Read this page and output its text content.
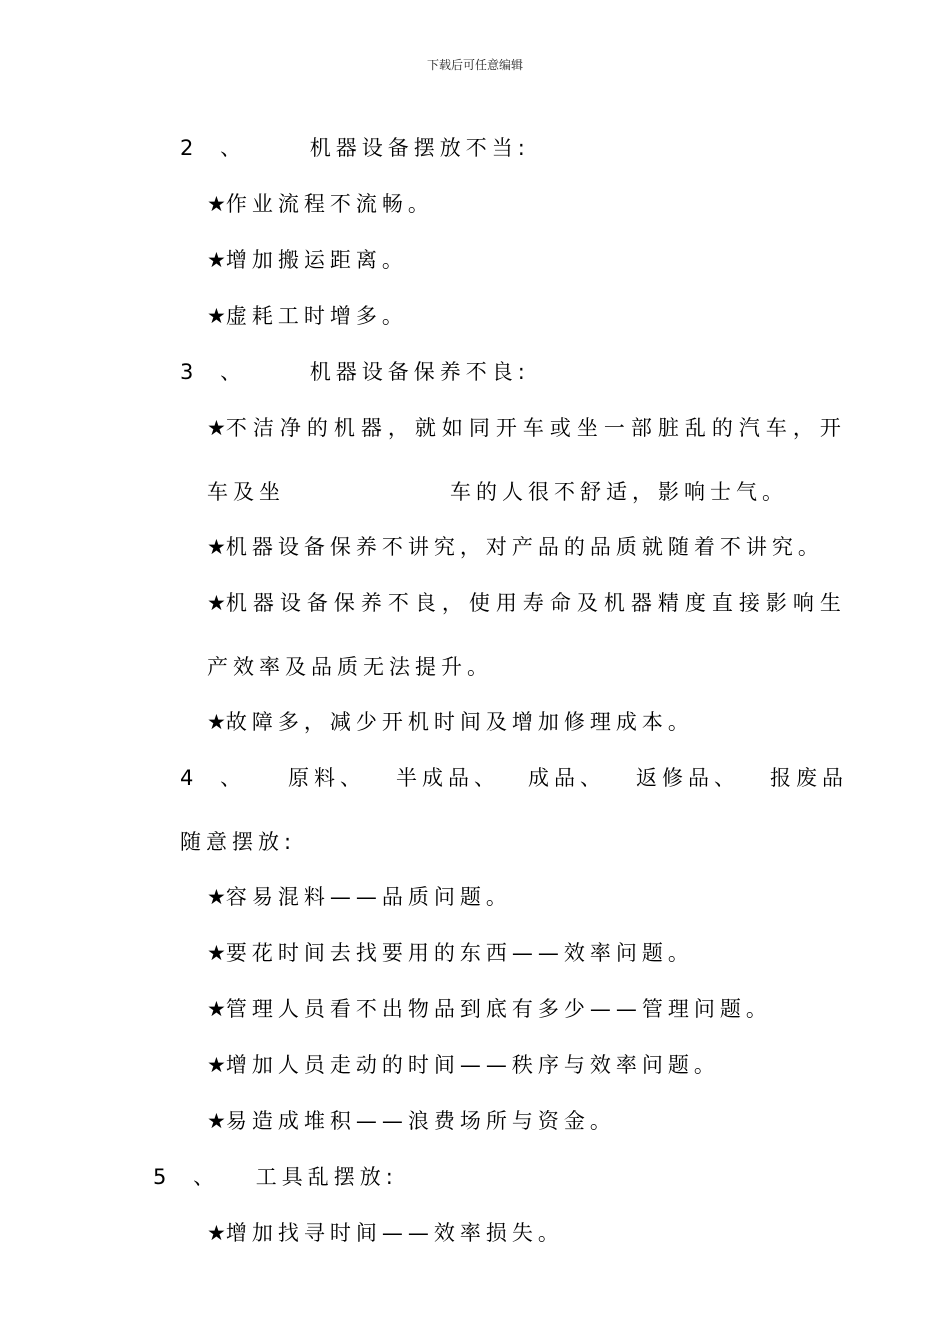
下载后可任意编辑
2 、	机器设备摆放不当:
★作业流程不流畅。
★增加搬运距离。
★虚耗工时增多。
3 、	机器设备保养不良:
★不洁净的机器，就如同开车或坐一部脏乱的汽车，开
车及坐	车的人很不舒适，影响士气。
★机器设备保养不讲究，对产品的品质就随着不讲究。
★机器设备保养不良，使用寿命及机器精度直接影响生
产效率及品质无法提升。
★故障多，减少开机时间及增加修理成本。
4 、 原料、 半成品、 成品、 返修品、 报废品
随意摆放:
★容易混料——品质问题。
★要花时间去找要用的东西——效率问题。
★管理人员看不出物品到底有多少——管理问题。
★增加人员走动的时间——秩序与效率问题。
★易造成堆积——浪费场所与资金。
5 、 工具乱摆放:
★增加找寻时间——效率损失。
